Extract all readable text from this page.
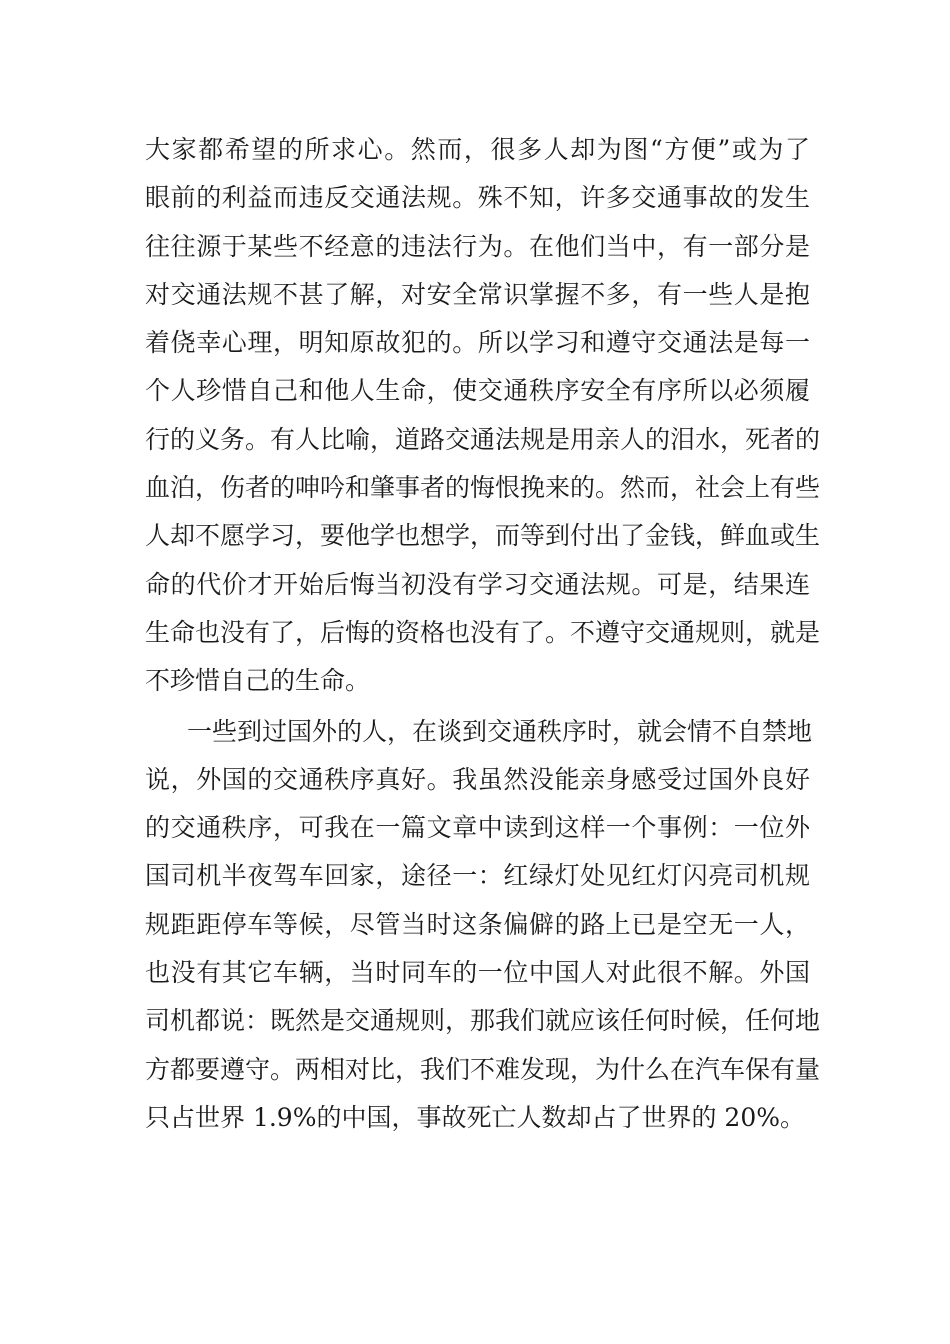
大家都希望的所求心。然而，很多人却为图“方便”或为了
眼前的利益而违反交通法规。殊不知，许多交通事故的发生
往往源于某些不经意的违法行为。在他们当中，有一部分是
对交通法规不甚了解，对安全常识掌握不多，有一些人是抱
着侥幸心理，明知原故犯的。所以学习和遵守交通法是每一
个人珍惜自己和他人生命，使交通秩序安全有序所以必须履
行的义务。有人比喻，道路交通法规是用亲人的泪水，死者的
血泊，伤者的呻吟和肇事者的悔恨挽来的。然而，社会上有些
人却不愿学习，要他学也想学，而等到付出了金钱，鲜血或生
命的代价才开始后悔当初没有学习交通法规。可是，结果连
生命也没有了，后悔的资格也没有了。不遵守交通规则，就是
不珍惜自己的生命。
一些到过国外的人，在谈到交通秩序时，就会情不自禁地
说，外国的交通秩序真好。我虽然没能亲身感受过国外良好
的交通秩序，可我在一篇文章中读到这样一个事例：一位外
国司机半夜驾车回家，途径一：红绿灯处见红灯闪亮司机规
规距距停车等候，尽管当时这条偏僻的路上已是空无一人，
也没有其它车辆，当时同车的一位中国人对此很不解。外国
司机都说：既然是交通规则，那我们就应该任何时候，任何地
方都要遵守。两相对比，我们不难发现，为什么在汽车保有量
只占世界 1.9%的中国，事故死亡人数却占了世界的 20%。
